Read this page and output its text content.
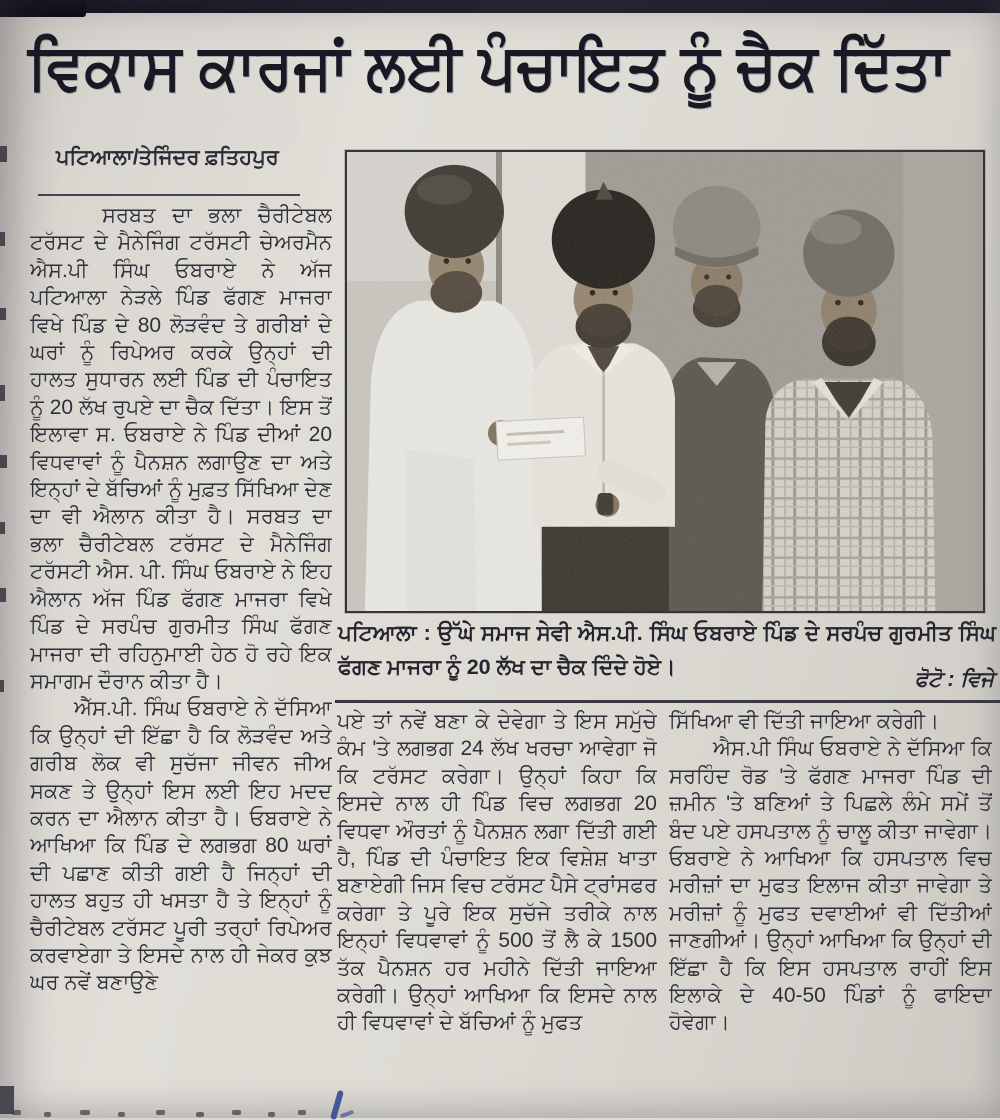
ਵਿਕਾਸ ਕਾਰਜਾਂ ਲਈ ਪੰਚਾਇਤ ਨੂੰ ਚੈਕ ਦਿੱਤਾ
ਪਟਿਆਲਾ/ਤੇਜਿੰਦਰ ਫ਼ਤਿਹਪੁਰ

ਪਟਿਆਲਾ : ਉੱਘੇ ਸਮਾਜ ਸੇਵੀ ਐਸ.ਪੀ. ਸਿੰਘ ਓਬਰਾਏ ਪਿੰਡ ਦੇ ਸਰਪੰਚ ਗੁਰਮੀਤ ਸਿੰਘ ਫੱਗਣ ਮਾਜਰਾ ਨੂੰ 20 ਲੱਖ ਦਾ ਚੈਕ ਦਿੰਦੇ ਹੋਏ।

ਫੋਟੋ : ਵਿਜੇ

ਸਰਬਤ ਦਾ ਭਲਾ ਚੈਰੀਟੇਬਲ ਟਰੱਸਟ ਦੇ ਮੈਨੇਜਿੰਗ ਟਰੱਸਟੀ ਚੇਅਰਮੈਨ ਐਸ.ਪੀ ਸਿੰਘ ਓਬਰਾਏ ਨੇ ਅੱਜ ਪਟਿਆਲਾ ਨੇੜਲੇ ਪਿੰਡ ਫੱਗਣ ਮਾਜਰਾ ਵਿਖੇ ਪਿੰਡ ਦੇ 80 ਲੋੜਵੰਦ ਤੇ ਗਰੀਬਾਂ ਦੇ ਘਰਾਂ ਨੂੰ ਰਿਪੇਅਰ ਕਰਕੇ ਉਨ੍ਹਾਂ ਦੀ ਹਾਲਤ ਸੁਧਾਰਨ ਲਈ ਪਿੰਡ ਦੀ ਪੰਚਾਇਤ ਨੂੰ 20 ਲੱਖ ਰੁਪਏ ਦਾ ਚੈਕ ਦਿੱਤਾ। ਇਸ ਤੋਂ ਇਲਾਵਾ ਸ. ਓਬਰਾਏ ਨੇ ਪਿੰਡ ਦੀਆਂ 20 ਵਿਧਵਾਵਾਂ ਨੂੰ ਪੈਨਸ਼ਨ ਲਗਾਉਣ ਦਾ ਅਤੇ ਇਨ੍ਹਾਂ ਦੇ ਬੱਚਿਆਂ ਨੂੰ ਮੁਫ਼ਤ ਸਿੱਖਿਆ ਦੇਣ ਦਾ ਵੀ ਐਲਾਨ ਕੀਤਾ ਹੈ। ਸਰਬਤ ਦਾ ਭਲਾ ਚੈਰੀਟੇਬਲ ਟਰੱਸਟ ਦੇ ਮੈਨੇਜਿੰਗ ਟਰੱਸਟੀ ਐਸ. ਪੀ. ਸਿੰਘ ਓਬਰਾਏ ਨੇ ਇਹ ਐਲਾਨ ਅੱਜ ਪਿੰਡ ਫੱਗਣ ਮਾਜਰਾ ਵਿਖੇ ਪਿੰਡ ਦੇ ਸਰਪੰਚ ਗੁਰਮੀਤ ਸਿੰਘ ਫੱਗਣ ਮਾਜਰਾ ਦੀ ਰਹਿਨੁਮਾਈ ਹੇਠ ਹੋ ਰਹੇ ਇਕ ਸਮਾਗਮ ਦੌਰਾਨ ਕੀਤਾ ਹੈ।

ਐੱਸ.ਪੀ. ਸਿੰਘ ਓਬਰਾਏ ਨੇ ਦੱਸਿਆ ਕਿ ਉਨ੍ਹਾਂ ਦੀ ਇੱਛਾ ਹੈ ਕਿ ਲੋੜਵੰਦ ਅਤੇ ਗਰੀਬ ਲੋਕ ਵੀ ਸੁਚੱਜਾ ਜੀਵਨ ਜੀਅ ਸਕਣ ਤੇ ਉਨ੍ਹਾਂ ਇਸ ਲਈ ਇਹ ਮਦਦ ਕਰਨ ਦਾ ਐਲਾਨ ਕੀਤਾ ਹੈ। ਓਬਰਾਏ ਨੇ ਆਖਿਆ ਕਿ ਪਿੰਡ ਦੇ ਲਗਭਗ 80 ਘਰਾਂ ਦੀ ਪਛਾਣ ਕੀਤੀ ਗਈ ਹੈ ਜਿਨ੍ਹਾਂ ਦੀ ਹਾਲਤ ਬਹੁਤ ਹੀ ਖਸਤਾ ਹੈ ਤੇ ਇਨ੍ਹਾਂ ਨੂੰ ਚੈਰੀਟੇਬਲ ਟਰੱਸਟ ਪੂਰੀ ਤਰ੍ਹਾਂ ਰਿਪੇਅਰ ਕਰਵਾਏਗਾ ਤੇ ਇਸਦੇ ਨਾਲ ਹੀ ਜੇਕਰ ਕੁਝ ਘਰ ਨਵੇਂ ਬਣਾਉਣੇ

ਪਏ ਤਾਂ ਨਵੇਂ ਬਣਾ ਕੇ ਦੇਵੇਗਾ ਤੇ ਇਸ ਸਮੁੱਚੇ ਕੰਮ 'ਤੇ ਲਗਭਗ 24 ਲੱਖ ਖਰਚਾ ਆਵੇਗਾ ਜੋ ਕਿ ਟਰੱਸਟ ਕਰੇਗਾ। ਉਨ੍ਹਾਂ ਕਿਹਾ ਕਿ ਇਸਦੇ ਨਾਲ ਹੀ ਪਿੰਡ ਵਿਚ ਲਗਭਗ 20 ਵਿਧਵਾ ਔਰਤਾਂ ਨੂੰ ਪੈਨਸ਼ਨ ਲਗਾ ਦਿੱਤੀ ਗਈ ਹੈ, ਪਿੰਡ ਦੀ ਪੰਚਾਇਤ ਇਕ ਵਿਸ਼ੇਸ਼ ਖਾਤਾ ਬਣਾਏਗੀ ਜਿਸ ਵਿਚ ਟਰੱਸਟ ਪੈਸੇ ਟ੍ਰਾਂਸਫਰ ਕਰੇਗਾ ਤੇ ਪੂਰੇ ਇਕ ਸੁਚੱਜੇ ਤਰੀਕੇ ਨਾਲ ਇਨ੍ਹਾਂ ਵਿਧਵਾਵਾਂ ਨੂੰ 500 ਤੋਂ ਲੈ ਕੇ 1500 ਤੱਕ ਪੈਨਸ਼ਨ ਹਰ ਮਹੀਨੇ ਦਿੱਤੀ ਜਾਇਆ ਕਰੇਗੀ। ਉਨ੍ਹਾਂ ਆਖਿਆ ਕਿ ਇਸਦੇ ਨਾਲ ਹੀ ਵਿਧਵਾਵਾਂ ਦੇ ਬੱਚਿਆਂ ਨੂੰ ਮੁਫਤ

ਸਿੱਖਿਆ ਵੀ ਦਿੱਤੀ ਜਾਇਆ ਕਰੇਗੀ।

ਐਸ.ਪੀ ਸਿੰਘ ਓਬਰਾਏ ਨੇ ਦੱਸਿਆ ਕਿ ਸਰਹਿੰਦ ਰੋਡ 'ਤੇ ਫੱਗਣ ਮਾਜਰਾ ਪਿੰਡ ਦੀ ਜ਼ਮੀਨ 'ਤੇ ਬਣਿਆਂ ਤੇ ਪਿਛਲੇ ਲੰਮੇ ਸਮੇਂ ਤੋਂ ਬੰਦ ਪਏ ਹਸਪਤਾਲ ਨੂੰ ਚਾਲੂ ਕੀਤਾ ਜਾਵੇਗਾ। ਓਬਰਾਏ ਨੇ ਆਖਿਆ ਕਿ ਹਸਪਤਾਲ ਵਿਚ ਮਰੀਜ਼ਾਂ ਦਾ ਮੁਫਤ ਇਲਾਜ ਕੀਤਾ ਜਾਵੇਗਾ ਤੇ ਮਰੀਜ਼ਾਂ ਨੂੰ ਮੁਫਤ ਦਵਾਈਆਂ ਵੀ ਦਿੱਤੀਆਂ ਜਾਣਗੀਆਂ। ਉਨ੍ਹਾਂ ਆਖਿਆ ਕਿ ਉਨ੍ਹਾਂ ਦੀ ਇੱਛਾ ਹੈ ਕਿ ਇਸ ਹਸਪਤਾਲ ਰਾਹੀਂ ਇਸ ਇਲਾਕੇ ਦੇ 40-50 ਪਿੰਡਾਂ ਨੂੰ ਫਾਇਦਾ ਹੋਵੇਗਾ।
